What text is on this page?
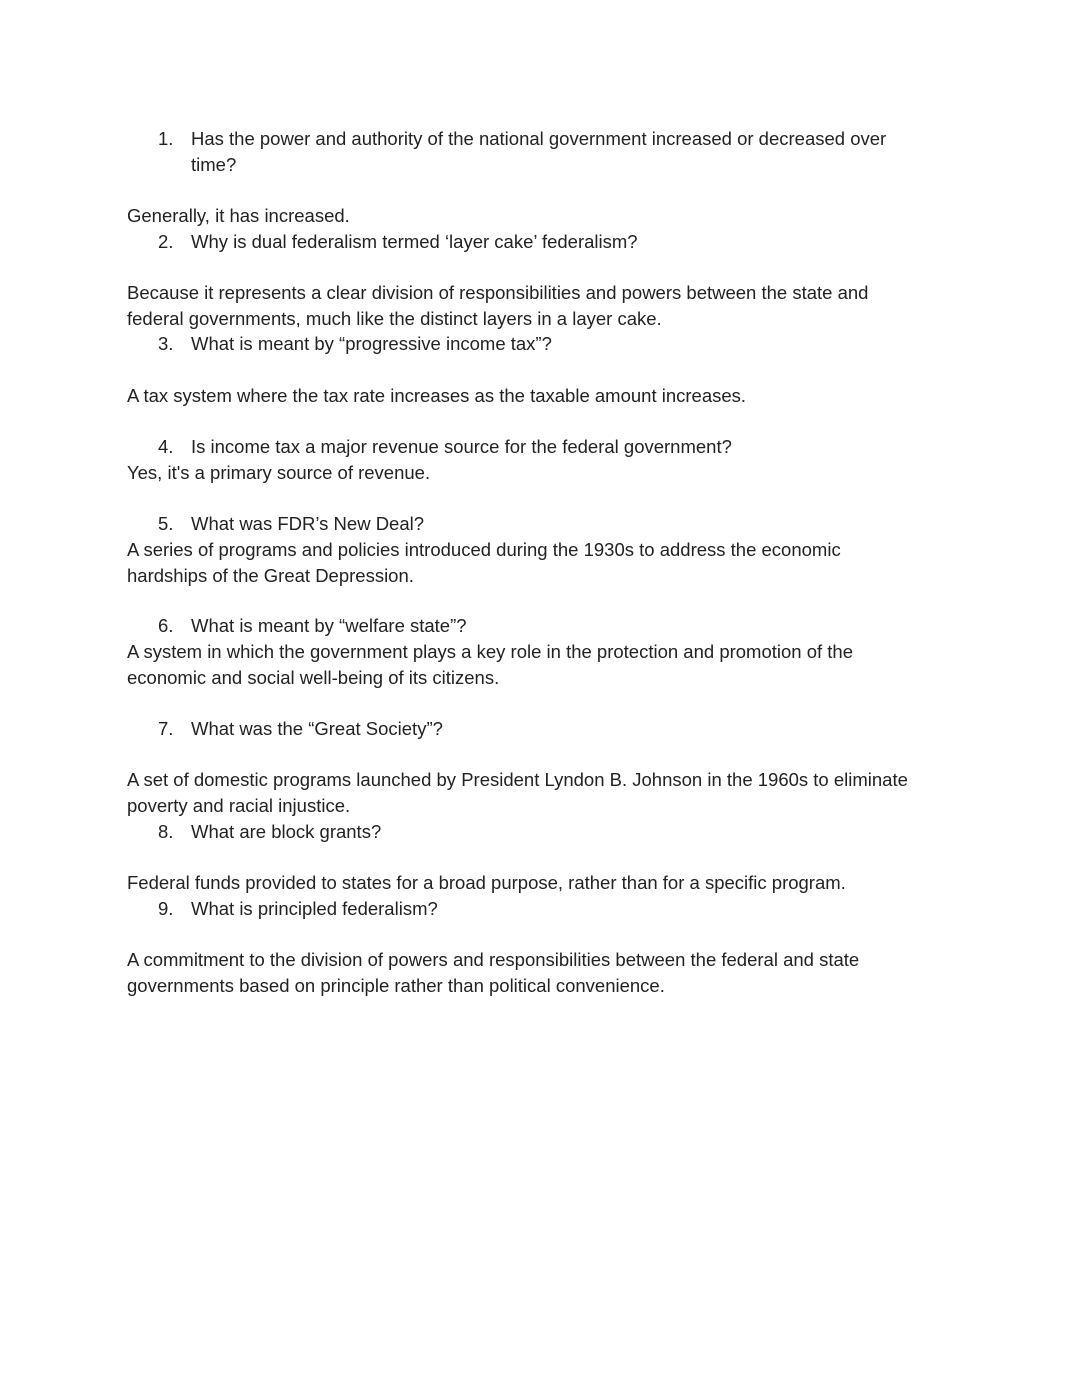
1. Has the power and authority of the national government increased or decreased over
time?
Generally, it has increased.
2. Why is dual federalism termed ‘layer cake’ federalism?
Because it represents a clear division of responsibilities and powers between the state and
federal governments, much like the distinct layers in a layer cake.
3. What is meant by “progressive income tax”?
A tax system where the tax rate increases as the taxable amount increases.
4. Is income tax a major revenue source for the federal government?
Yes, it's a primary source of revenue.
5. What was FDR’s New Deal?
A series of programs and policies introduced during the 1930s to address the economic
hardships of the Great Depression.
6. What is meant by “welfare state”?
A system in which the government plays a key role in the protection and promotion of the
economic and social well-being of its citizens.
7. What was the “Great Society”?
A set of domestic programs launched by President Lyndon B. Johnson in the 1960s to eliminate
poverty and racial injustice.
8. What are block grants?
Federal funds provided to states for a broad purpose, rather than for a specific program.
9. What is principled federalism?
A commitment to the division of powers and responsibilities between the federal and state
governments based on principle rather than political convenience.
